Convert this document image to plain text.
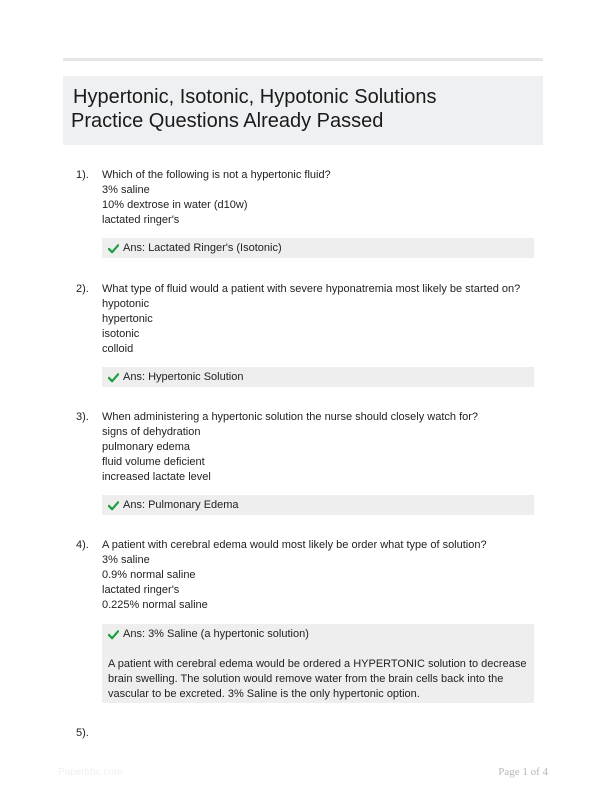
Hypertonic, Isotonic, Hypotonic Solutions
Practice Questions Already Passed
1). Which of the following is not a hypertonic fluid?
3% saline
10% dextrose in water (d10w)
lactated ringer's
Ans: Lactated Ringer's (Isotonic)
2). What type of fluid would a patient with severe hyponatremia most likely be started on?
hypotonic
hypertonic
isotonic
colloid
Ans: Hypertonic Solution
3). When administering a hypertonic solution the nurse should closely watch for?
signs of dehydration
pulmonary edema
fluid volume deficient
increased lactate level
Ans: Pulmonary Edema
4). A patient with cerebral edema would most likely be order what type of solution?
3% saline
0.9% normal saline
lactated ringer's
0.225% normal saline
Ans: 3% Saline (a hypertonic solution)
A patient with cerebral edema would be ordered a HYPERTONIC solution to decrease
brain swelling. The solution would remove water from the brain cells back into the
vascular to be excreted. 3% Saline is the only hypertonic option.
5).
Paperbbc.com	Page 1 of 4
